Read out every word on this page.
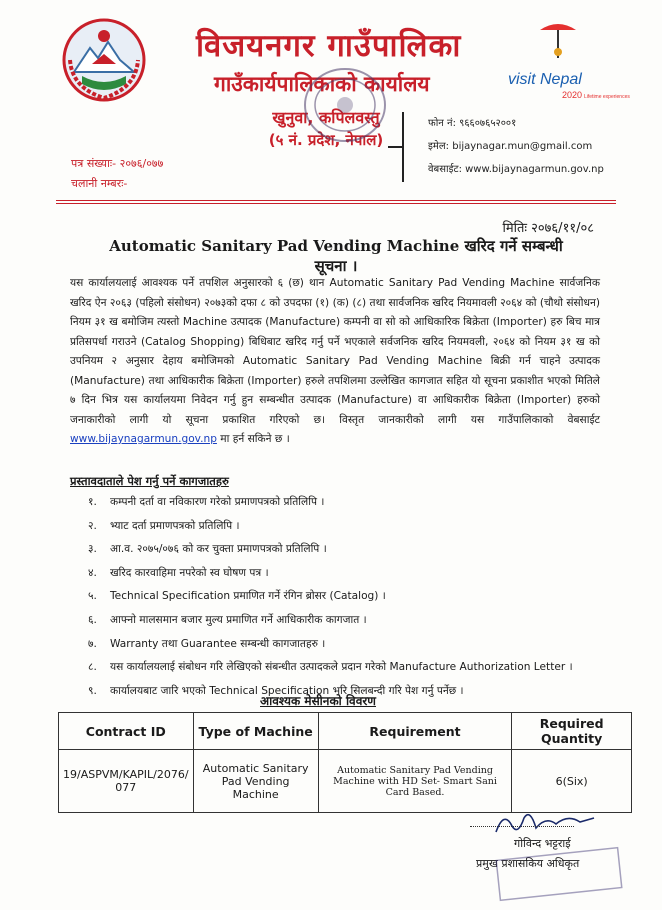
विजयनगर गाउँपालिका
गाउँकार्यपालिकाको कार्यालय
खुनुवा, कपिलवस्तु
(५ नं. प्रदेश, नेपाल)
visit Nepal
2020 Lifetime experiences
फोन नं: ९६६०७६५२००१
इमेल: bijaynagar.mun@gmail.com
वेबसाईट: www.bijaynagarmun.gov.np
पत्र संख्याः- २०७६/०७७
चलानी नम्बरः-
मितिः २०७६/११/०८
Automatic Sanitary Pad Vending Machine खरिद गर्ने सम्बन्धी सूचना ।
यस कार्यालयलाई आवश्यक पर्ने तपशिल अनुसारको ६ (छ) थान Automatic Sanitary Pad Vending Machine सार्वजनिक खरिद ऐन २०६३ (पहिलो संसोधन) २०७३को दफा ८ को उपदफा (१) (क) (८) तथा सार्वजनिक खरिद नियमावली २०६४ को (चौथो संसोधन) नियम ३१ ख बमोजिम त्यस्तो Machine उत्पादक (Manufacture) कम्पनी वा सो को आधिकारिक बिक्रेता (Importer) हरु बिच मात्र प्रतिसपर्धा गराउने (Catalog Shopping) बिधिबाट खरिद गर्नु पर्ने भएकाले सर्वजनिक खरिद नियमवली, २०६४ को नियम ३१ ख को उपनियम २ अनुसार देहाय बमोजिमको Automatic Sanitary Pad Vending Machine बिक्री गर्न चाहने उत्पादक (Manufacture) तथा आधिकारीक बिक्रेता (Importer) हरुले तपशिलमा उल्लेखित कागजात सहित यो सूचना प्रकाशीत भएको मितिले ७ दिन भित्र यस कार्यालयमा निवेदन गर्नु हुन सम्बन्धीत उत्पादक (Manufacture) वा आधिकारीक बिक्रेता (Importer) हरुको जनाकारीको लागी यो सूचना प्रकाशित गरिएको छ। विस्तृत जानकारीको लागी यस गाउँपालिकाको वेबसाईट www.bijaynagarmun.gov.np मा हर्न सकिने छ ।
प्रस्तावदाताले पेश गर्नु पर्ने कागजातहरु
१.	कम्पनी दर्ता वा नविकारण गरेको प्रमाणपत्रको प्रतिलिपि ।
२.	भ्याट दर्ता प्रमाणपत्रको प्रतिलिपि ।
३.	आ.व. २०७५/०७६ को कर चुक्ता प्रमाणपत्रको प्रतिलिपि ।
४.	खरिद कारवाहिमा नपरेको स्व घोषण पत्र ।
५.	Technical Specification प्रमाणित गर्ने रंगिन ब्रोसर (Catalog) ।
६.	आफ्नो मालसमान बजार मुल्य प्रमाणित गर्ने आधिकारीक कागजात ।
७.	Warranty तथा Guarantee सम्बन्धी कागजातहरु ।
८.	यस कार्यालयलाई संबोधन गरि लेखिएको संबन्धीत उत्पादकले प्रदान गरेको Manufacture Authorization Letter ।
९.	कार्यालयबाट जारि भएको Technical Specification भरि सिलबन्दी गरि पेश गर्नु पर्नेछ ।
आवश्यक मेसीनको विवरण
Contract ID	Type of Machine	Requirement	Required Quantity
19/ASPVM/KAPIL/2076/ 077	Automatic Sanitary Pad Vending Machine	Automatic Sanitary Pad Vending Machine with HD Set- Smart Sani Card Based.	6(Six)
गोविन्द भट्टराई
प्रमुख प्रशासकिय अधिकृत
